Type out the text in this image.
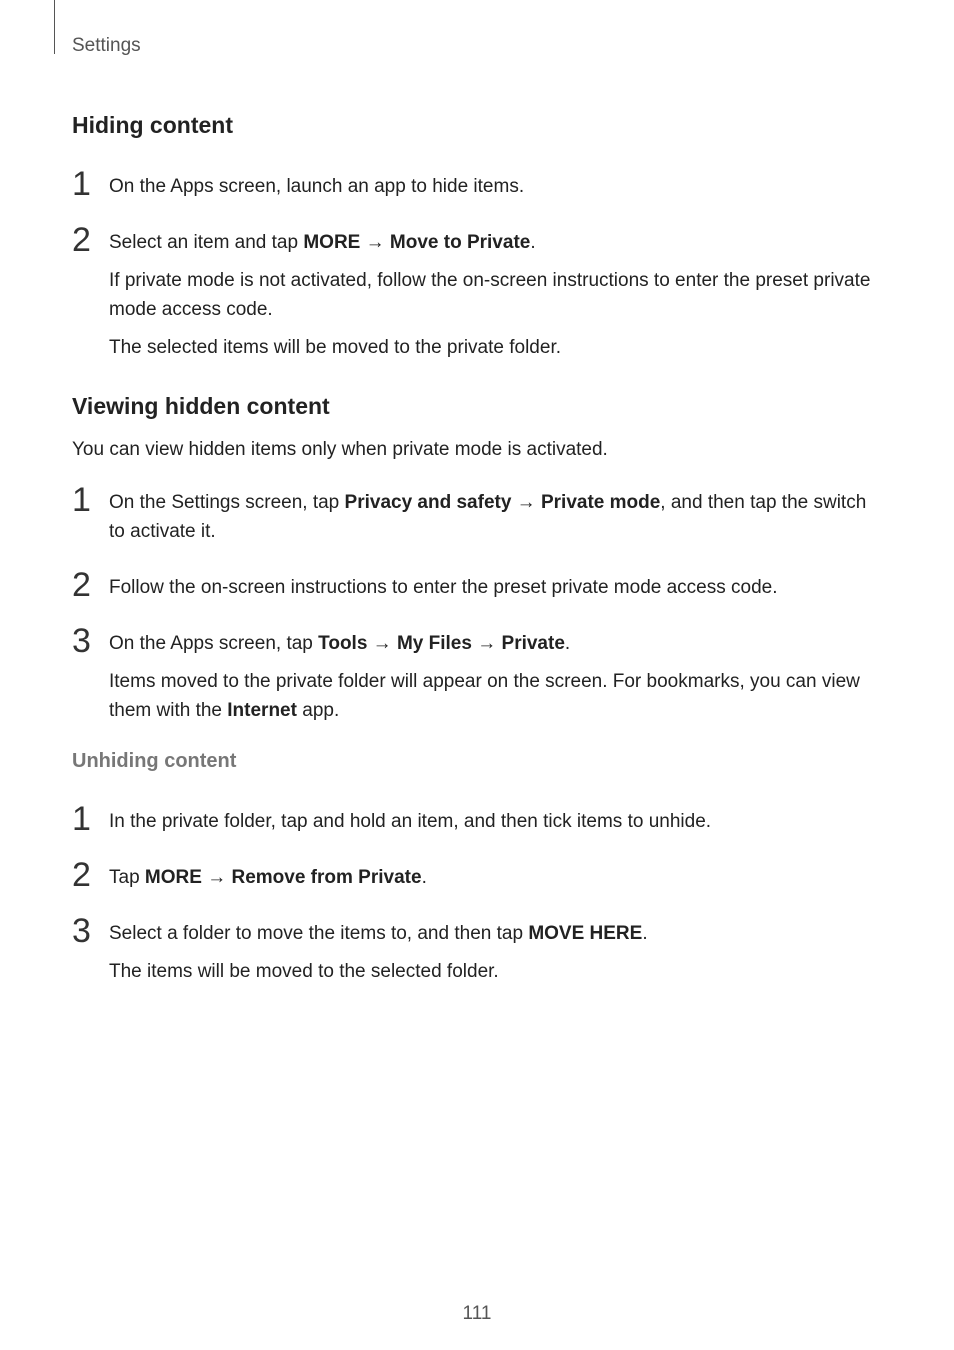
Settings

Hiding content
1 On the Apps screen, launch an app to hide items.

2 Select an item and tap MORE → Move to Private.

If private mode is not activated, follow the on-screen instructions to enter the preset private mode access code.

The selected items will be moved to the private folder.

Viewing hidden content

You can view hidden items only when private mode is activated.

1 On the Settings screen, tap Privacy and safety → Private mode, and then tap the switch to activate it.

2 Follow the on-screen instructions to enter the preset private mode access code.

3 On the Apps screen, tap Tools → My Files → Private.

Items moved to the private folder will appear on the screen. For bookmarks, you can view them with the Internet app.

Unhiding content
1 In the private folder, tap and hold an item, and then tick items to unhide.

2 Tap MORE → Remove from Private.

3 Select a folder to move the items to, and then tap MOVE HERE.

The items will be moved to the selected folder.

111
